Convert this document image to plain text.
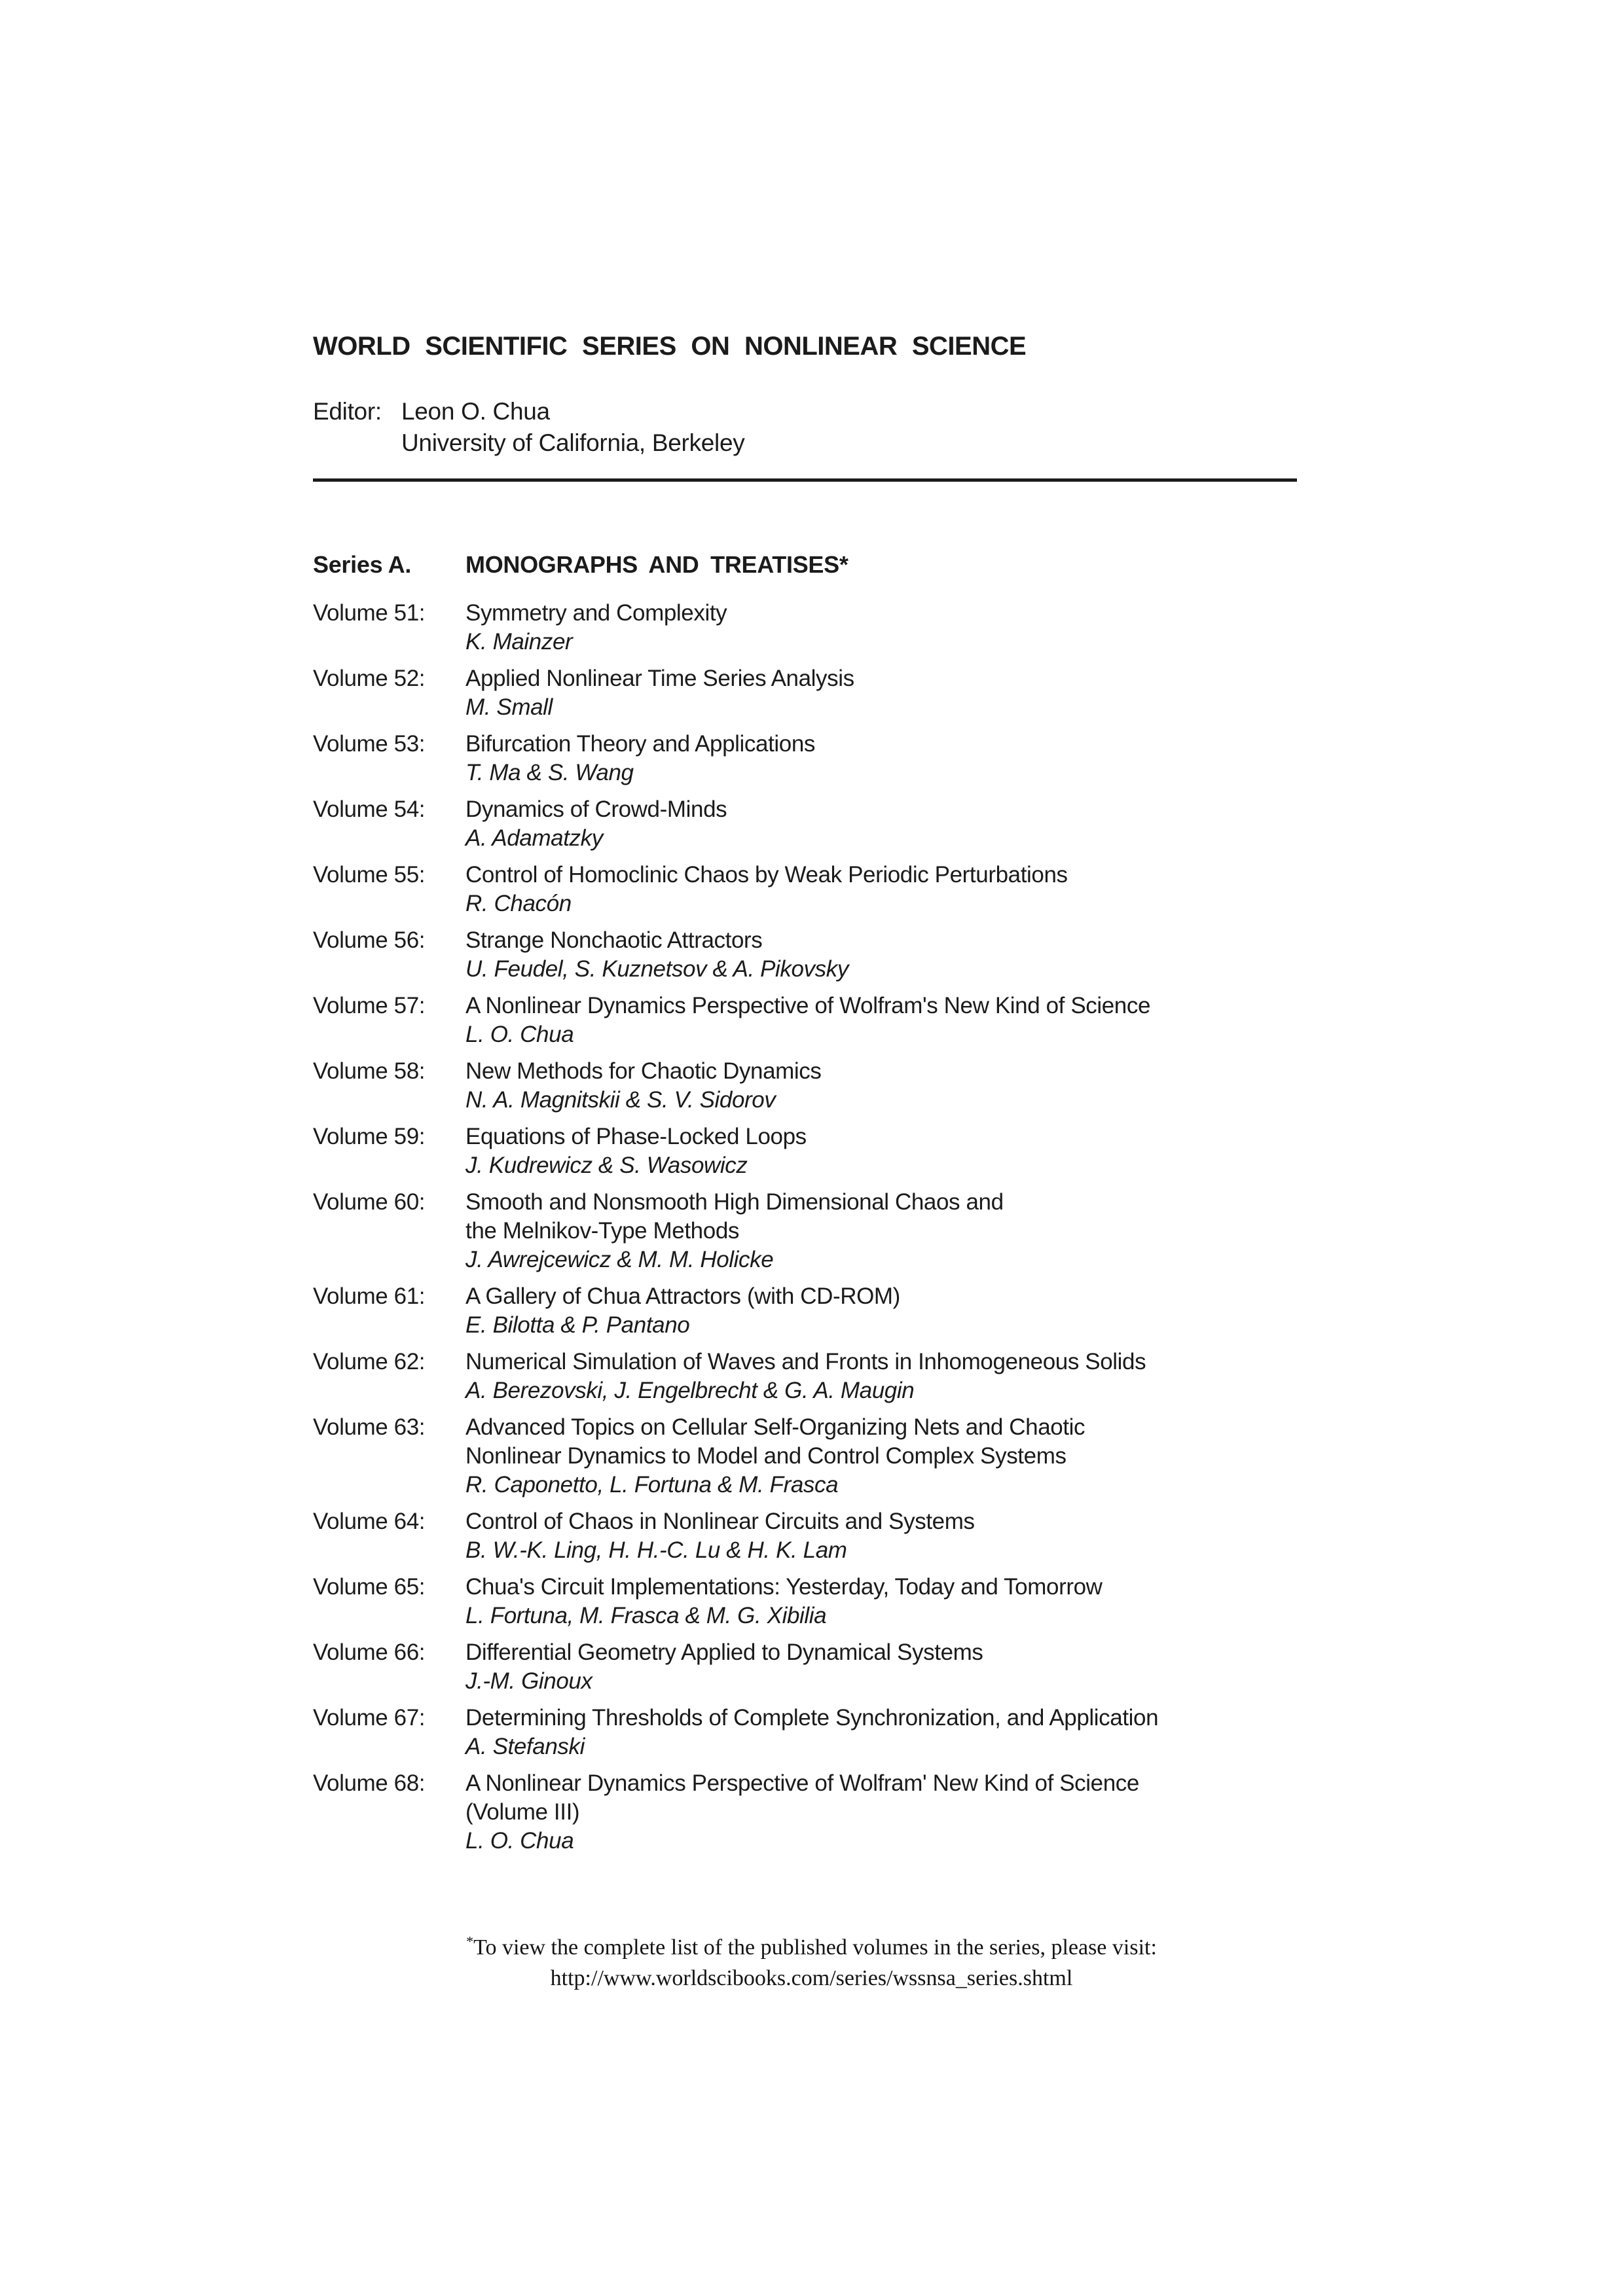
WORLD SCIENTIFIC SERIES ON NONLINEAR SCIENCE
Editor: Leon O. Chua
University of California, Berkeley
Series A.	MONOGRAPHS AND TREATISES*
Volume 51:	Symmetry and Complexity
K. Mainzer
Volume 52:	Applied Nonlinear Time Series Analysis
M. Small
Volume 53:	Bifurcation Theory and Applications
T. Ma & S. Wang
Volume 54:	Dynamics of Crowd-Minds
A. Adamatzky
Volume 55:	Control of Homoclinic Chaos by Weak Periodic Perturbations
R. Chacón
Volume 56:	Strange Nonchaotic Attractors
U. Feudel, S. Kuznetsov & A. Pikovsky
Volume 57:	A Nonlinear Dynamics Perspective of Wolfram's New Kind of Science
L. O. Chua
Volume 58:	New Methods for Chaotic Dynamics
N. A. Magnitskii & S. V. Sidorov
Volume 59:	Equations of Phase-Locked Loops
J. Kudrewicz & S. Wasowicz
Volume 60:	Smooth and Nonsmooth High Dimensional Chaos and
the Melnikov-Type Methods
J. Awrejcewicz & M. M. Holicke
Volume 61:	A Gallery of Chua Attractors (with CD-ROM)
E. Bilotta & P. Pantano
Volume 62:	Numerical Simulation of Waves and Fronts in Inhomogeneous Solids
A. Berezovski, J. Engelbrecht & G. A. Maugin
Volume 63:	Advanced Topics on Cellular Self-Organizing Nets and Chaotic
Nonlinear Dynamics to Model and Control Complex Systems
R. Caponetto, L. Fortuna & M. Frasca
Volume 64:	Control of Chaos in Nonlinear Circuits and Systems
B. W.-K. Ling, H. H.-C. Lu & H. K. Lam
Volume 65:	Chua's Circuit Implementations: Yesterday, Today and Tomorrow
L. Fortuna, M. Frasca & M. G. Xibilia
Volume 66:	Differential Geometry Applied to Dynamical Systems
J.-M. Ginoux
Volume 67:	Determining Thresholds of Complete Synchronization, and Application
A. Stefanski
Volume 68:	A Nonlinear Dynamics Perspective of Wolfram' New Kind of Science
(Volume III)
L. O. Chua
*To view the complete list of the published volumes in the series, please visit:
http://www.worldscibooks.com/series/wssnsa_series.shtml
